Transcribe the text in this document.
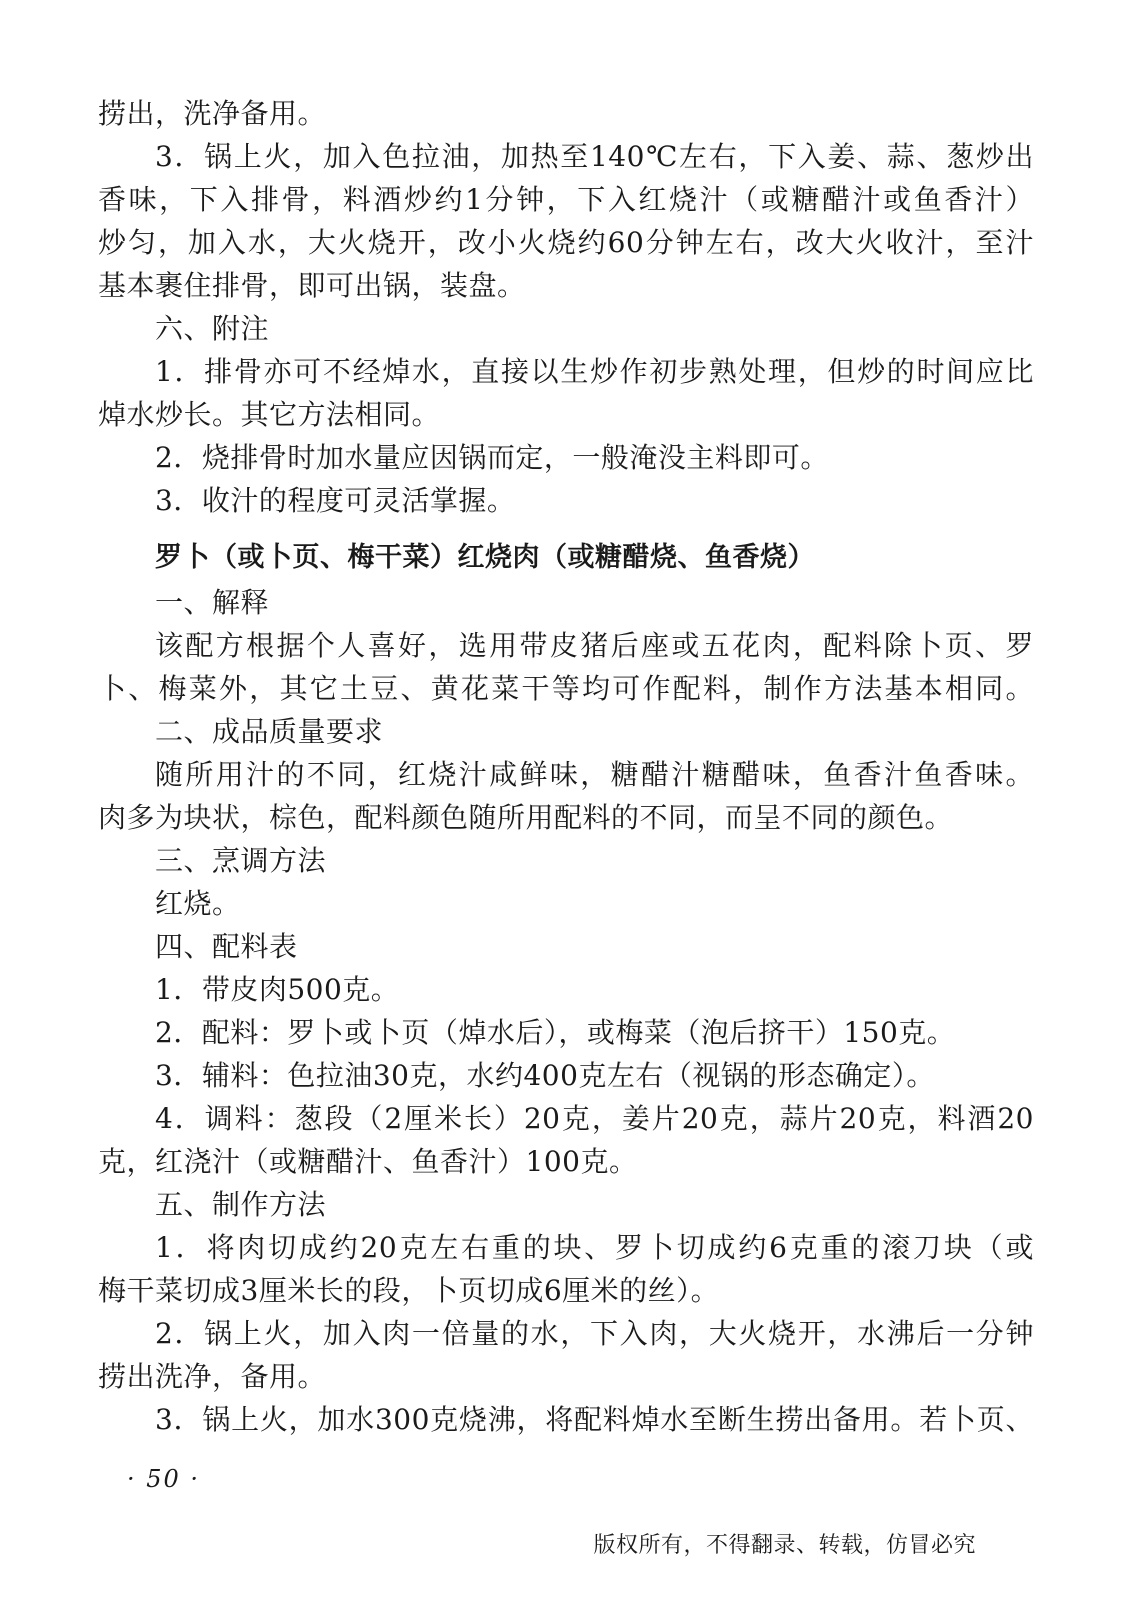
捞出，洗净备用。
3．锅上火，加入色拉油，加热至140℃左右，下入姜、蒜、葱炒出
香味，下入排骨，料酒炒约1分钟，下入红烧汁（或糖醋汁或鱼香汁）
炒匀，加入水，大火烧开，改小火烧约60分钟左右，改大火收汁，至汁
基本裹住排骨，即可出锅，装盘。
六、附注
1．排骨亦可不经焯水，直接以生炒作初步熟处理，但炒的时间应比
焯水炒长。其它方法相同。
2．烧排骨时加水量应因锅而定，一般淹没主料即可。
3．收汁的程度可灵活掌握。
罗卜（或卜页、梅干菜）红烧肉（或糖醋烧、鱼香烧）
一、解释
该配方根据个人喜好，选用带皮猪后座或五花肉，配料除卜页、罗
卜、梅菜外，其它土豆、黄花菜干等均可作配料，制作方法基本相同。
二、成品质量要求
随所用汁的不同，红烧汁咸鲜味，糖醋汁糖醋味，鱼香汁鱼香味。
肉多为块状，棕色，配料颜色随所用配料的不同，而呈不同的颜色。
三、烹调方法
红烧。
四、配料表
1．带皮肉500克。
2．配料：罗卜或卜页（焯水后），或梅菜（泡后挤干）150克。
3．辅料：色拉油30克，水约400克左右（视锅的形态确定）。
4．调料：葱段（2厘米长）20克，姜片20克，蒜片20克，料酒20
克，红浇汁（或糖醋汁、鱼香汁）100克。
五、制作方法
1．将肉切成约20克左右重的块、罗卜切成约6克重的滚刀块（或
梅干菜切成3厘米长的段，卜页切成6厘米的丝）。
2．锅上火，加入肉一倍量的水，下入肉，大火烧开，水沸后一分钟
捞出洗净，备用。
3．锅上火，加水300克烧沸，将配料焯水至断生捞出备用。若卜页、
· 50 ·
版权所有，不得翻录、转载，仿冒必究
